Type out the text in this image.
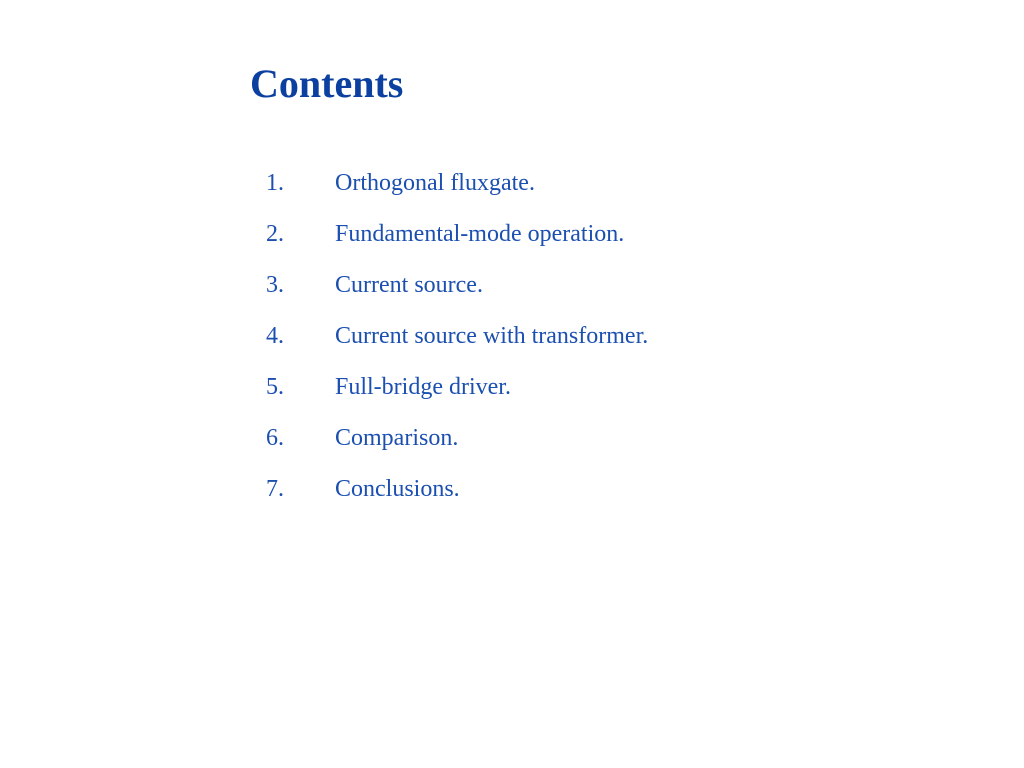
Contents
1.	Orthogonal fluxgate.
2.	Fundamental-mode operation.
3.	Current source.
4.	Current source with transformer.
5.	Full-bridge driver.
6.	Comparison.
7.	Conclusions.
